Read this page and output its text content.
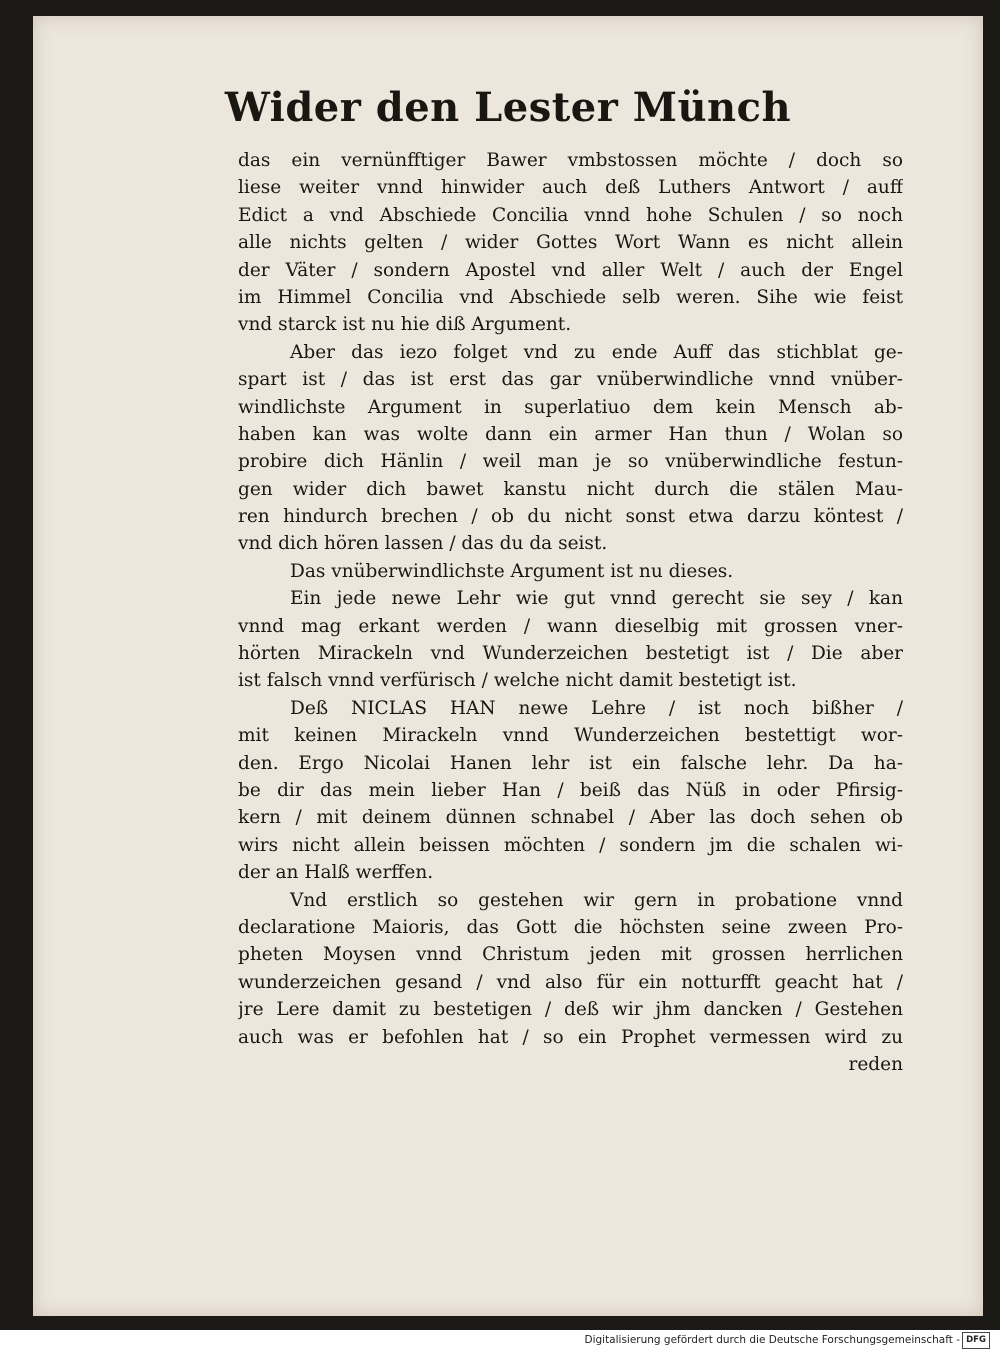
Wider den Lester Münch
das ein vernünfftiger Bawer vmbstossen möchte / doch so
liese weiter vnnd hinwider auch deß Luthers Antwort / auff
Edict a vnd Abschiede Concilia vnnd hohe Schulen / so noch
alle nichts gelten / wider Gottes Wort Wann es nicht allein
der Väter / sondern Apostel vnd aller Welt / auch der Engel
im Himmel Concilia vnd Abschiede selb weren. Sihe wie feist
vnd starck ist nu hie diß Argument.
Aber das iezo folget vnd zu ende Auff das stichblat ge-
spart ist / das ist erst das gar vnüberwindliche vnnd vnüber-
windlichste Argument in superlatiuo dem kein Mensch ab-
haben kan was wolte dann ein armer Han thun / Wolan so
probire dich Hänlin / weil man je so vnüberwindliche festun-
gen wider dich bawet kanstu nicht durch die stälen Mau-
ren hindurch brechen / ob du nicht sonst etwa darzu köntest /
vnd dich hören lassen / das du da seist.
Das vnüberwindlichste Argument ist nu dieses.
Ein jede newe Lehr wie gut vnnd gerecht sie sey / kan
vnnd mag erkant werden / wann dieselbig mit grossen vner-
hörten Mirackeln vnd Wunderzeichen bestetigt ist / Die aber
ist falsch vnnd verfürisch / welche nicht damit bestetigt ist.
Deß NICLAS HAN newe Lehre / ist noch bißher /
mit keinen Mirackeln vnnd Wunderzeichen bestettigt wor-
den. Ergo Nicolai Hanen lehr ist ein falsche lehr. Da ha-
be dir das mein lieber Han / beiß das Nüß in oder Pfirsig-
kern / mit deinem dünnen schnabel / Aber las doch sehen ob
wirs nicht allein beissen möchten / sondern jm die schalen wi-
der an Halß werffen.
Vnd erstlich so gestehen wir gern in probatione vnnd
declaratione Maioris, das Gott die höchsten seine zween Pro-
pheten Moysen vnnd Christum jeden mit grossen herrlichen
wunderzeichen gesand / vnd also für ein notturfft geacht hat /
jre Lere damit zu bestetigen / deß wir jhm dancken / Gestehen
auch was er befohlen hat / so ein Prophet vermessen wird zu
reden
Digitalisierung gefördert durch die Deutsche Forschungsgemeinschaft - DFG
